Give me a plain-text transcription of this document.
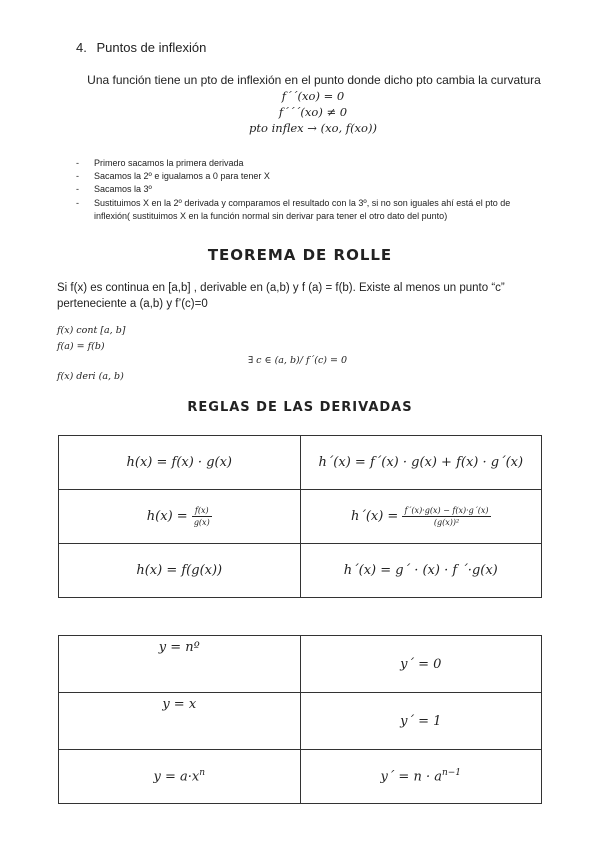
4. Puntos de inflexión
Una función tiene un pto de inflexión en el punto donde dicho pto cambia la curvatura
f´´(xo) = 0
f´´´(xo) ≠ 0
pto inflex → (xo, f(xo))
- Primero sacamos la primera derivada
- Sacamos la 2º e igualamos a 0 para tener X
- Sacamos la 3º
- Sustituimos X en la 2º derivada y comparamos el resultado con la 3º, si no son iguales ahí está el pto de inflexión( sustituimos X en la función normal sin derivar para tener el otro dato del punto)
TEOREMA DE ROLLE
Si f(x) es continua en [a,b] , derivable en (a,b) y f (a) = f(b). Existe al menos un punto “c” perteneciente a (a,b) y f’(c)=0
f(x) cont [a, b]
f(a) = f(b)
∃ c ∈ (a, b)/ f´(c) = 0
f(x) deri (a, b)
REGLAS DE LAS DERIVADAS
h(x) = f(x) · g(x)	h´(x) = f´(x) · g(x) + f(x) · g´(x)
$h(x) = \frac{f(x)}{g(x)}$	h´(x) = $\frac{f´(x)\cdot g(x) - f(x)\cdot g´(x)}{\text{(g(x))²}}$

h(x) = f(g(x))	h´(x) = g´ · (x) · f ´·g(x)
y = nº	y´ = 0
y = x	y´ = 1
$y = a\cdot x^n$	y´ = $n \cdot a^{n-1}$
